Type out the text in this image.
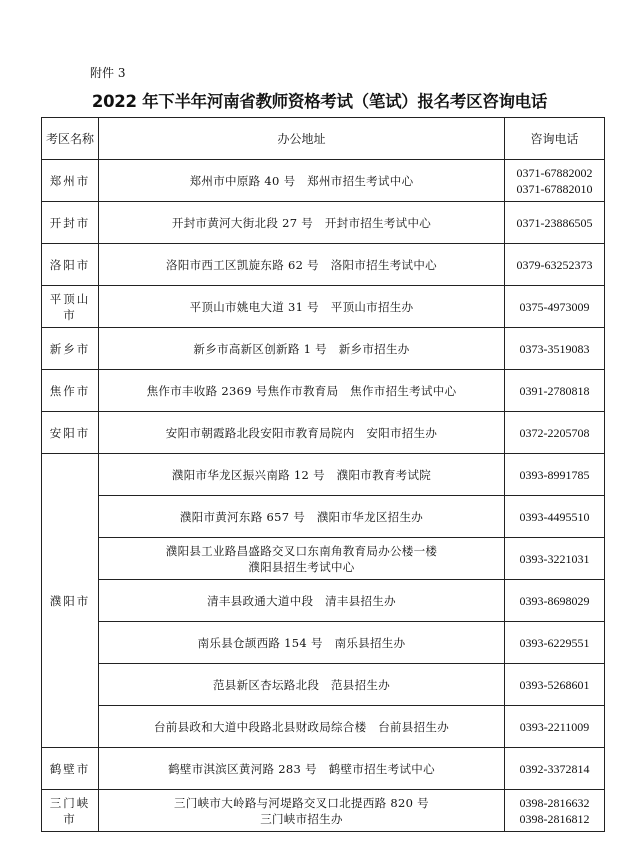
附件 3
2022 年下半年河南省教师资格考试（笔试）报名考区咨询电话
考区名称	办公地址	咨询电话
郑州市	郑州市中原路 40 号　郑州市招生考试中心	0371-67882002
0371-67882010

开封市	开封市黄河大街北段 27 号　开封市招生考试中心	0371-23886505

洛阳市	洛阳市西工区凯旋东路 62 号　洛阳市招生考试中心	0379-63252373

平顶山市	平顶山市姚电大道 31 号　平顶山市招生办	0375-4973009

新乡市	新乡市高新区创新路 1 号　新乡市招生办	0373-3519083

焦作市	焦作市丰收路 2369 号焦作市教育局　焦作市招生考试中心	0391-2780818

安阳市	安阳市朝霞路北段安阳市教育局院内　安阳市招生办	0372-2205708

濮阳市	濮阳市华龙区振兴南路 12 号　濮阳市教育考试院	0393-8991785

	濮阳市黄河东路 657 号　濮阳市华龙区招生办	0393-4495510

	濮阳县工业路昌盛路交叉口东南角教育局办公楼一楼
濮阳县招生考试中心	0393-3221031

	清丰县政通大道中段　清丰县招生办	0393-8698029

	南乐县仓颉西路 154 号　南乐县招生办	0393-6229551

	范县新区杏坛路北段　范县招生办	0393-5268601

	台前县政和大道中段路北县财政局综合楼　台前县招生办	0393-2211009

鹤壁市	鹤壁市淇滨区黄河路 283 号　鹤壁市招生考试中心	0392-3372814

三门峡市	三门峡市大岭路与河堤路交叉口北提西路 820 号
三门峡市招生办	0398-2816632
0398-2816812
